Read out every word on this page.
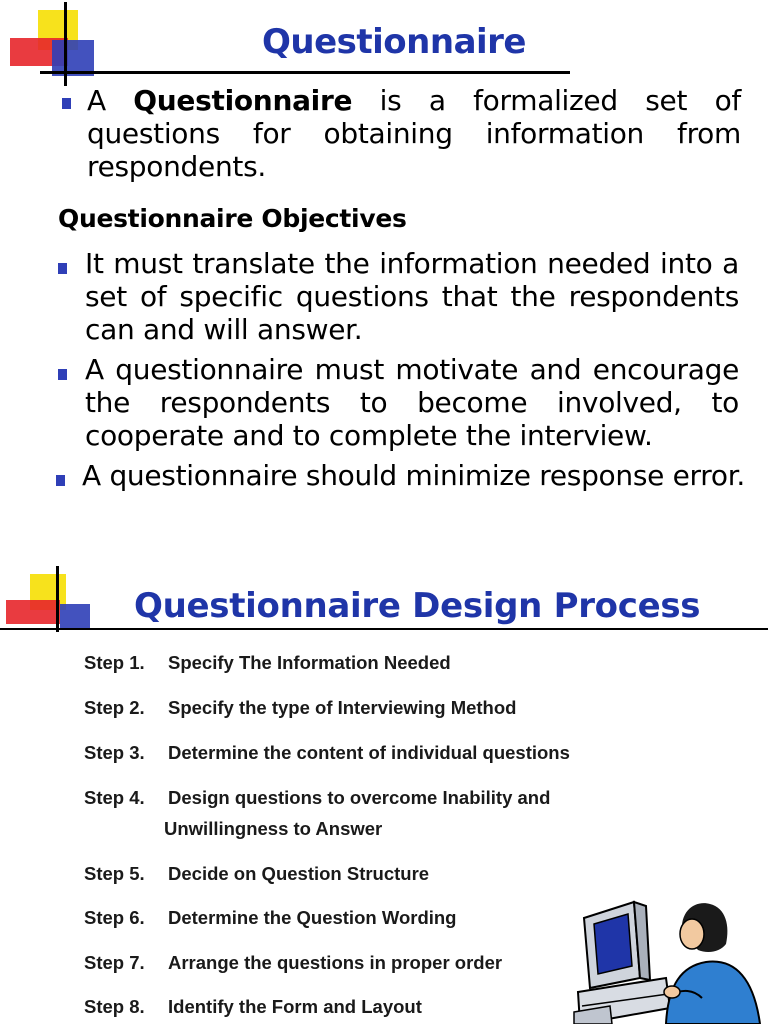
Questionnaire
A Questionnaire is a formalized set of questions for obtaining information from respondents.
Questionnaire Objectives
It must translate the information needed into a set of specific questions that the respondents can and will answer.
A questionnaire must motivate and encourage the respondents to become involved, to cooperate and to complete the interview.
A questionnaire should minimize response error.
Questionnaire Design Process
Step 1. Specify The Information Needed
Step 2. Specify the type of Interviewing Method
Step 3. Determine the content of individual questions
Step 4. Design questions to overcome Inability and
Unwillingness to Answer
Step 5. Decide on Question Structure
Step 6. Determine the Question Wording
Step 7. Arrange the questions in proper order
Step 8. Identify the Form and Layout
